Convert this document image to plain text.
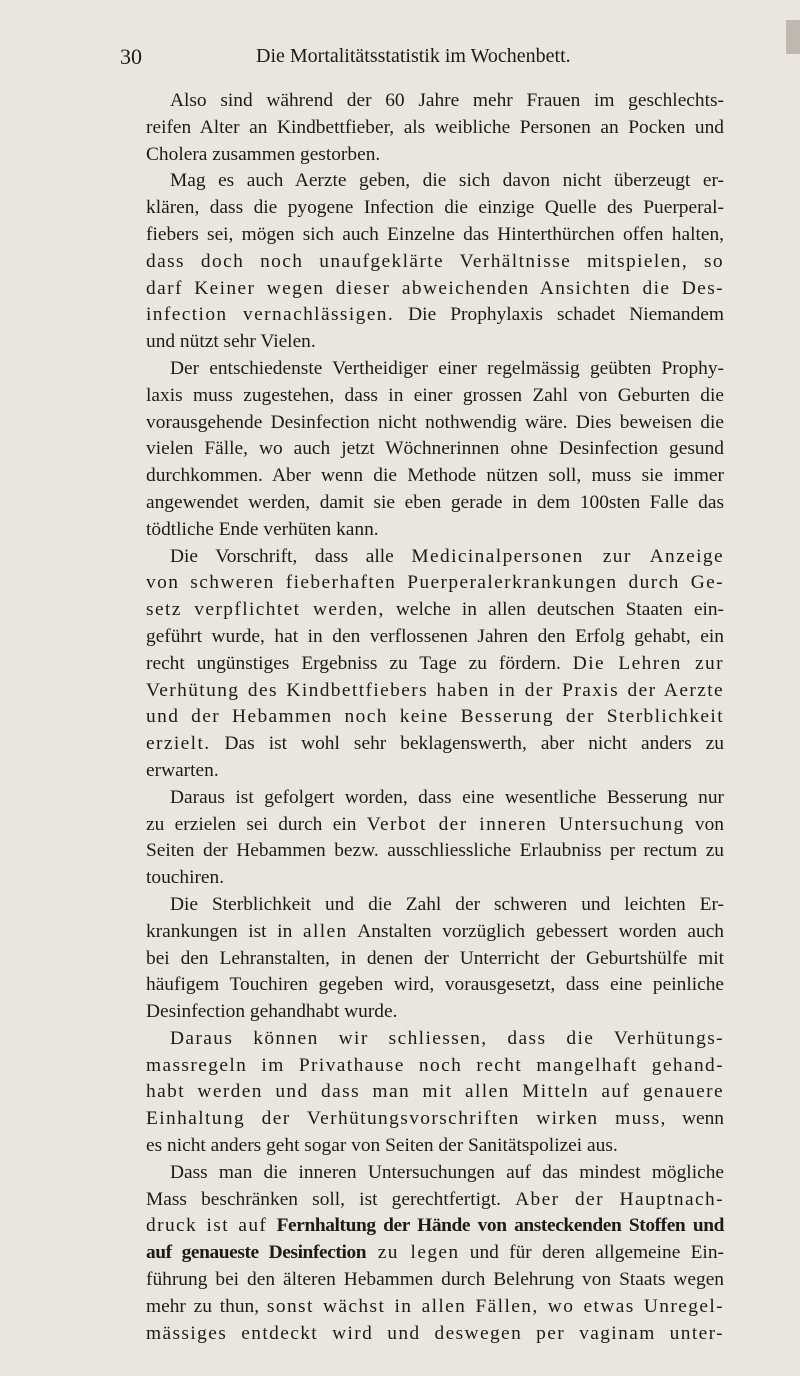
30	Die Mortalitätsstatistik im Wochenbett.
Also sind während der 60 Jahre mehr Frauen im geschlechts-
reifen Alter an Kindbettfieber, als weibliche Personen an Pocken und
Cholera zusammen gestorben.
Mag es auch Aerzte geben, die sich davon nicht überzeugt er-
klären, dass die pyogene Infection die einzige Quelle des Puerperal-
fiebers sei, mögen sich auch Einzelne das Hinterthürchen offen halten,
dass doch noch unaufgeklärte Verhältnisse mitspielen, so
darf Keiner wegen dieser abweichenden Ansichten die Des-
infection vernachlässigen. Die Prophylaxis schadet Niemandem
und nützt sehr Vielen.
Der entschiedenste Vertheidiger einer regelmässig geübten Prophy-
laxis muss zugestehen, dass in einer grossen Zahl von Geburten die
vorausgehende Desinfection nicht nothwendig wäre. Dies beweisen die
vielen Fälle, wo auch jetzt Wöchnerinnen ohne Desinfection gesund
durchkommen. Aber wenn die Methode nützen soll, muss sie immer
angewendet werden, damit sie eben gerade in dem 100sten Falle das
tödtliche Ende verhüten kann.
Die Vorschrift, dass alle Medicinalpersonen zur Anzeige
von schweren fieberhaften Puerperalerkrankungen durch Ge-
setz verpflichtet werden, welche in allen deutschen Staaten ein-
geführt wurde, hat in den verflossenen Jahren den Erfolg gehabt, ein
recht ungünstiges Ergebniss zu Tage zu fördern. Die Lehren zur
Verhütung des Kindbettfiebers haben in der Praxis der Aerzte
und der Hebammen noch keine Besserung der Sterblichkeit
erzielt. Das ist wohl sehr beklagenswerth, aber nicht anders zu
erwarten.
Daraus ist gefolgert worden, dass eine wesentliche Besserung nur
zu erzielen sei durch ein Verbot der inneren Untersuchung von
Seiten der Hebammen bezw. ausschliessliche Erlaubniss per rectum zu
touchiren.
Die Sterblichkeit und die Zahl der schweren und leichten Er-
krankungen ist in allen Anstalten vorzüglich gebessert worden auch
bei den Lehranstalten, in denen der Unterricht der Geburtshülfe mit
häufigem Touchiren gegeben wird, vorausgesetzt, dass eine peinliche
Desinfection gehandhabt wurde.
Daraus können wir schliessen, dass die Verhütungs-
massregeln im Privathause noch recht mangelhaft gehand-
habt werden und dass man mit allen Mitteln auf genauere
Einhaltung der Verhütungsvorschriften wirken muss, wenn
es nicht anders geht sogar von Seiten der Sanitätspolizei aus.
Dass man die inneren Untersuchungen auf das mindest mögliche
Mass beschränken soll, ist gerechtfertigt. Aber der Hauptnach-
druck ist auf Fernhaltung der Hände von ansteckenden Stoffen und
auf genaueste Desinfection zu legen und für deren allgemeine Ein-
führung bei den älteren Hebammen durch Belehrung von Staats wegen
mehr zu thun, sonst wächst in allen Fällen, wo etwas Unregel-
mässiges entdeckt wird und deswegen per vaginam unter-
